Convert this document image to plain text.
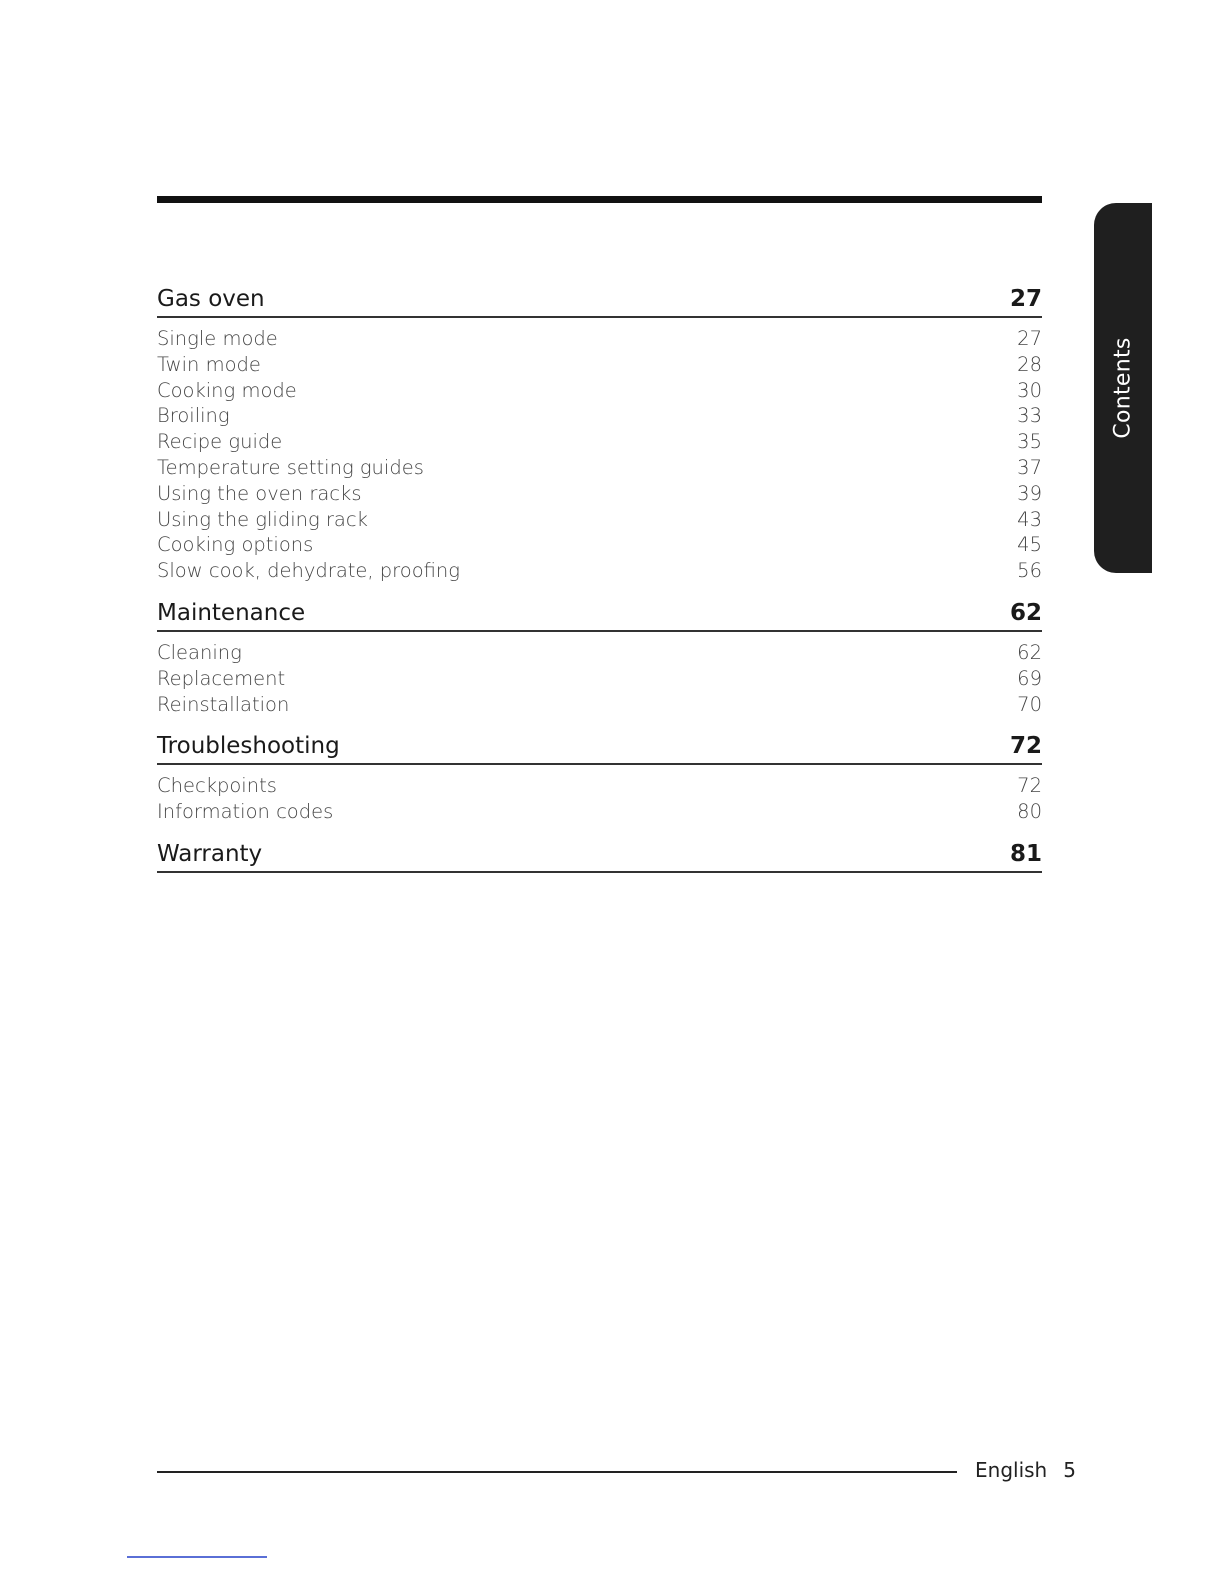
Contents
Gas oven	27
Single mode	27
Twin mode	28
Cooking mode	30
Broiling	33
Recipe guide	35
Temperature setting guides	37
Using the oven racks	39
Using the gliding rack	43
Cooking options	45
Slow cook, dehydrate, proofing	56
Maintenance	62
Cleaning	62
Replacement	69
Reinstallation	70
Troubleshooting	72
Checkpoints	72
Information codes	80
Warranty	81
English 5
